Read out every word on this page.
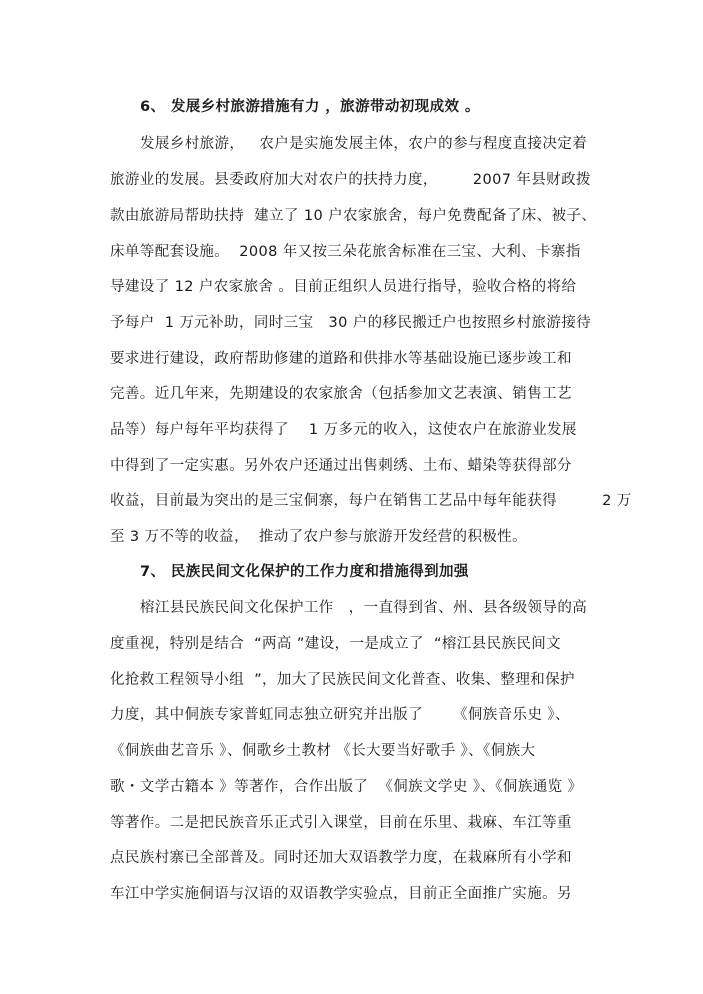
6、 发展乡村旅游措施有力 ，旅游带动初现成效 。
发展乡村旅游，   农户是实施发展主体，农户的参与程度直接决定着
旅游业的发展。县委政府加大对农户的扶持力度，       2007 年县财政拨
款由旅游局帮助扶持  建立了 10 户农家旅舍，每户免费配备了床、被子、
床单等配套设施。  2008 年又按三朵花旅舍标准在三宝、大利、卡寨指
导建设了 12 户农家旅舍 。目前正组织人员进行指导，验收合格的将给
予每户  1 万元补助，同时三宝   30 户的移民搬迁户也按照乡村旅游接待
要求进行建设，政府帮助修建的道路和供排水等基础设施已逐步竣工和
完善。近几年来，先期建设的农家旅舍（包括参加文艺表演、销售工艺
品等）每户每年平均获得了    1 万多元的收入，这使农户在旅游业发展
中得到了一定实惠。另外农户还通过出售刺绣、土布、蜡染等获得部分
收益，目前最为突出的是三宝侗寨，每户在销售工艺品中每年能获得         2 万
至 3 万不等的收益，  推动了农户参与旅游开发经营的积极性。
7、 民族民间文化保护的工作力度和措施得到加强
榕江县民族民间文化保护工作   ，一直得到省、州、县各级领导的高
度重视，特别是结合  “两高 ”建设，一是成立了  “榕江县民族民间文
化抢救工程领导小组  ”，加大了民族民间文化普查、收集、整理和保护
力度，其中侗族专家普虹同志独立研究并出版了      《侗族音乐史 》、
《侗族曲艺音乐 》、侗歌乡土教材 《长大要当好歌手 》、《侗族大
歌・文学古籍本 》等著作，合作出版了  《侗族文学史 》、《侗族通览 》
等著作。二是把民族音乐正式引入课堂，目前在乐里、栽麻、车江等重
点民族村寨已全部普及。同时还加大双语教学力度，在栽麻所有小学和
车江中学实施侗语与汉语的双语教学实验点，目前正全面推广实施。另
